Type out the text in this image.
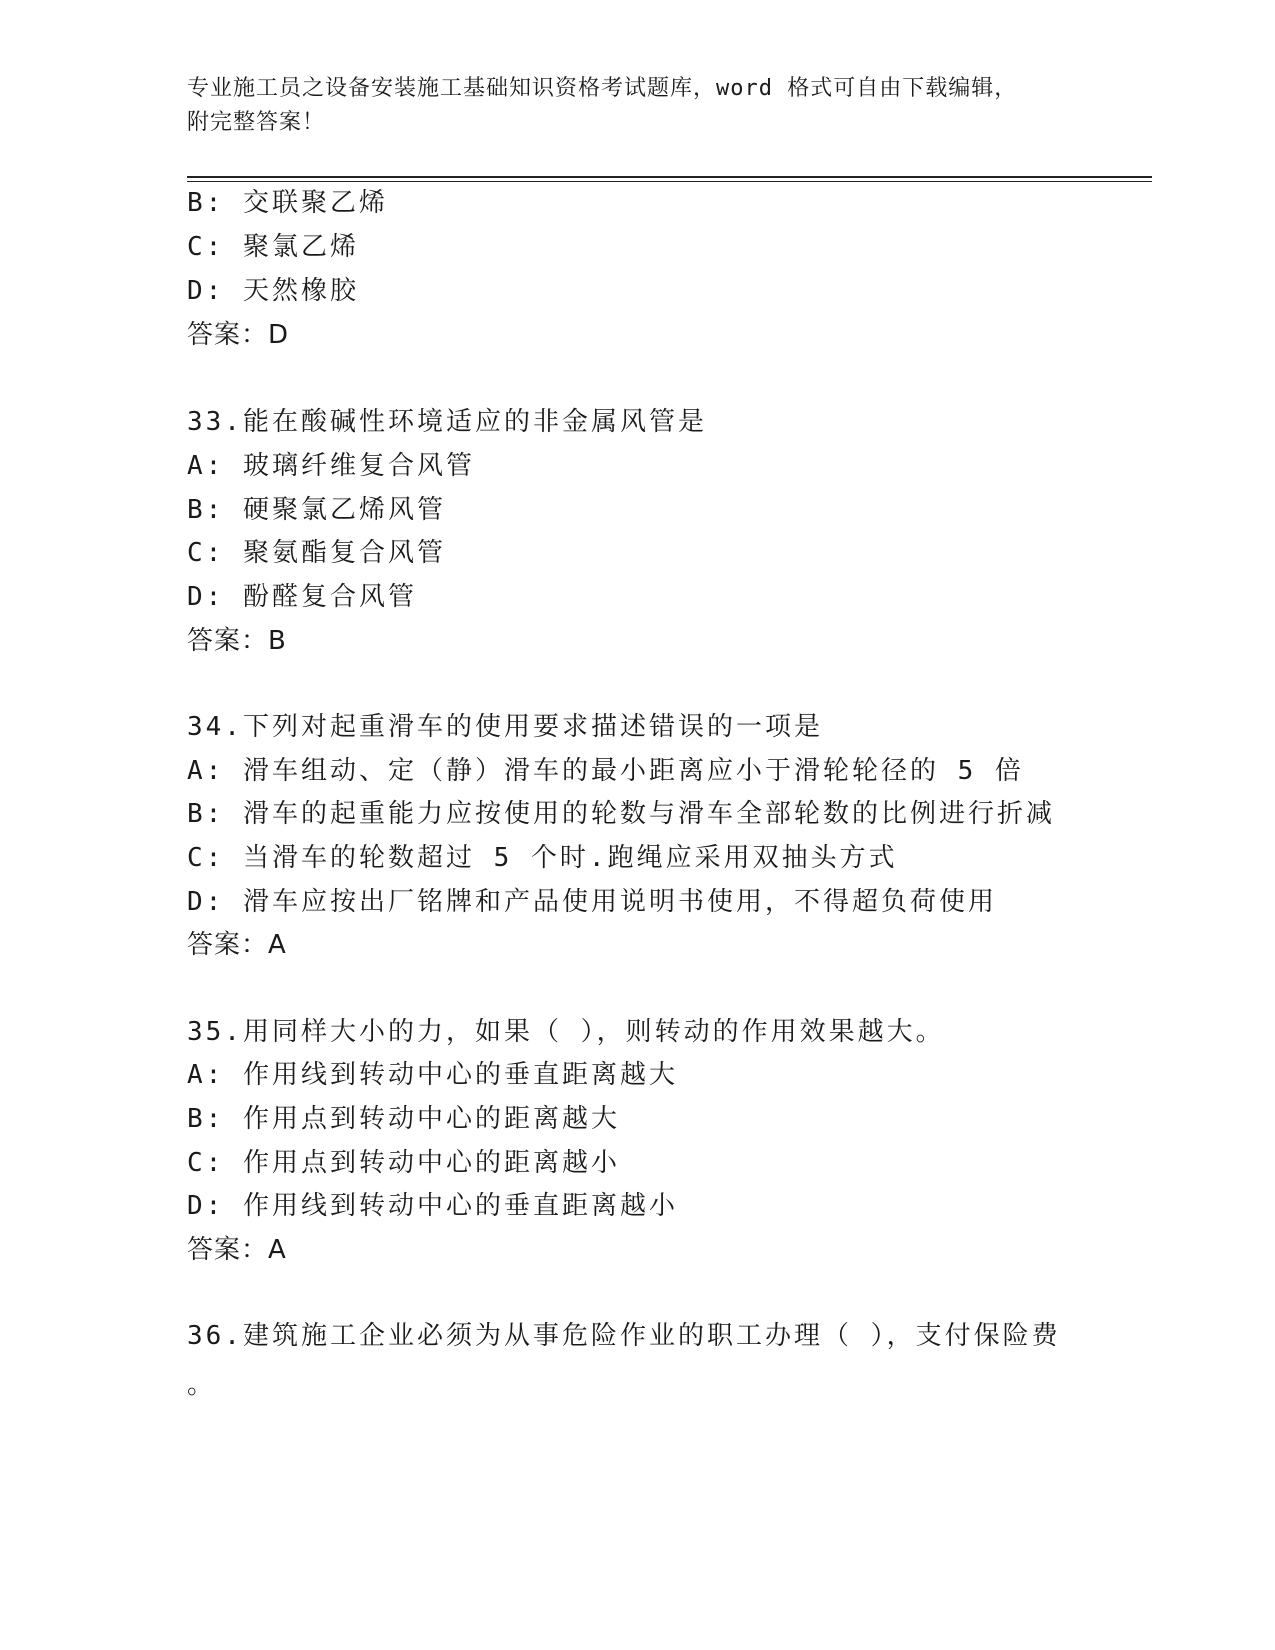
专业施工员之设备安装施工基础知识资格考试题库，word 格式可自由下载编辑，
附完整答案！
B: 交联聚乙烯
C: 聚氯乙烯
D: 天然橡胶
答案：D
33.能在酸碱性环境适应的非金属风管是
A: 玻璃纤维复合风管
B: 硬聚氯乙烯风管
C: 聚氨酯复合风管
D: 酚醛复合风管
答案：B
34.下列对起重滑车的使用要求描述错误的一项是
A: 滑车组动、定（静）滑车的最小距离应小于滑轮轮径的 5 倍
B: 滑车的起重能力应按使用的轮数与滑车全部轮数的比例进行折减
C: 当滑车的轮数超过 5 个时.跑绳应采用双抽头方式
D: 滑车应按出厂铭牌和产品使用说明书使用，不得超负荷使用
答案：A
35.用同样大小的力，如果（ ），则转动的作用效果越大。
A: 作用线到转动中心的垂直距离越大
B: 作用点到转动中心的距离越大
C: 作用点到转动中心的距离越小
D: 作用线到转动中心的垂直距离越小
答案：A
36.建筑施工企业必须为从事危险作业的职工办理（ ），支付保险费
。
